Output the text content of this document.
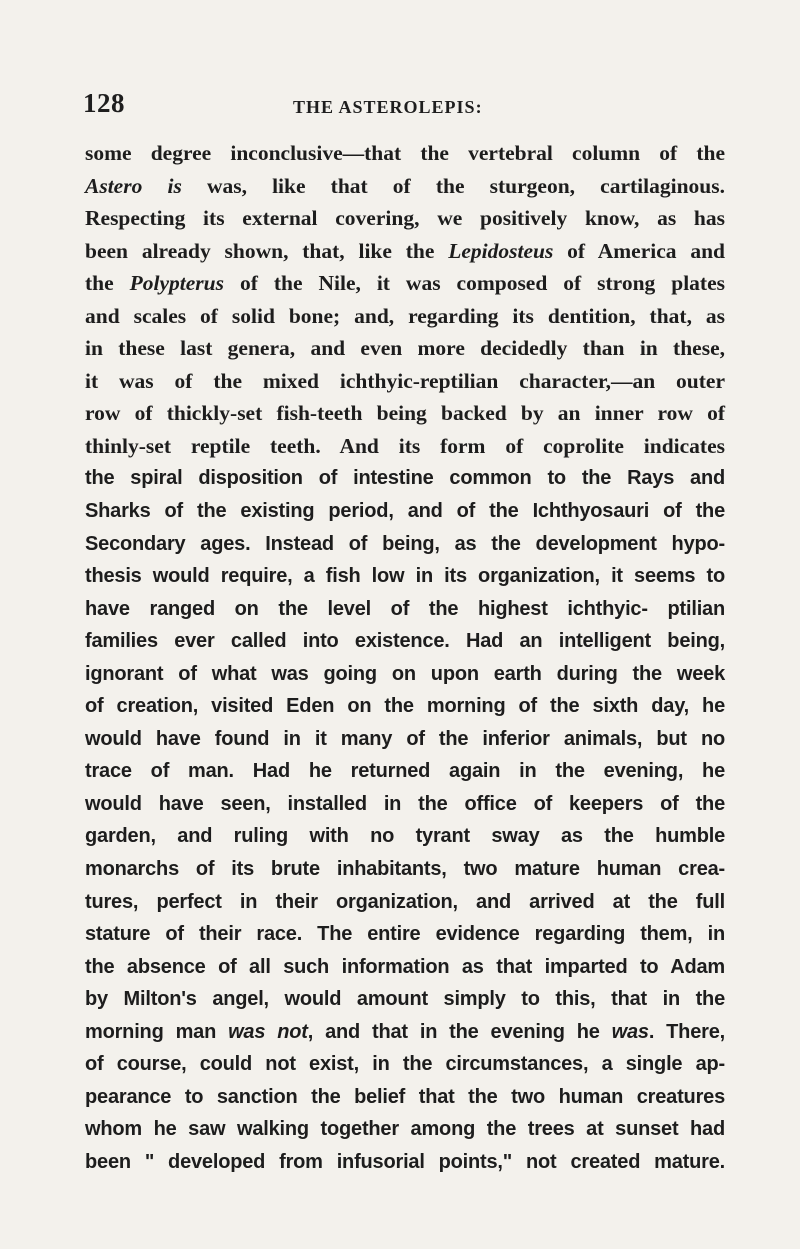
128	THE ASTEROLEPIS:

some degree inconclusive—that the vertebral column of the
Astero is was, like that of the sturgeon, cartilaginous.
Respecting its external covering, we positively know, as has
been already shown, that, like the Lepidosteus of America and
the Polypterus of the Nile, it was composed of strong plates
and scales of solid bone; and, regarding its dentition, that, as
in these last genera, and even more decidedly than in these,
it was of the mixed ichthyic-reptilian character,—an outer
row of thickly-set fish-teeth being backed by an inner row of
thinly-set reptile teeth. And its form of coprolite indicates
the spiral disposition of intestine common to the Rays and
Sharks of the existing period, and of the Ichthyosauri of the
Secondary ages. Instead of being, as the development hypo-
thesis would require, a fish low in its organization, it seems to
have ranged on the level of the highest ichthyic- ptilian
families ever called into existence. Had an intelligent being,
ignorant of what was going on upon earth during the week
of creation, visited Eden on the morning of the sixth day, he
would have found in it many of the inferior animals, but no
trace of man. Had he returned again in the evening, he
would have seen, installed in the office of keepers of the
garden, and ruling with no tyrant sway as the humble
monarchs of its brute inhabitants, two mature human crea-
tures, perfect in their organization, and arrived at the full
stature of their race. The entire evidence regarding them, in
the absence of all such information as that imparted to Adam
by Milton's angel, would amount simply to this, that in the
morning man was not, and that in the evening he was. There,
of course, could not exist, in the circumstances, a single ap-
pearance to sanction the belief that the two human creatures
whom he saw walking together among the trees at sunset had
been " developed from infusorial points," not created mature.
